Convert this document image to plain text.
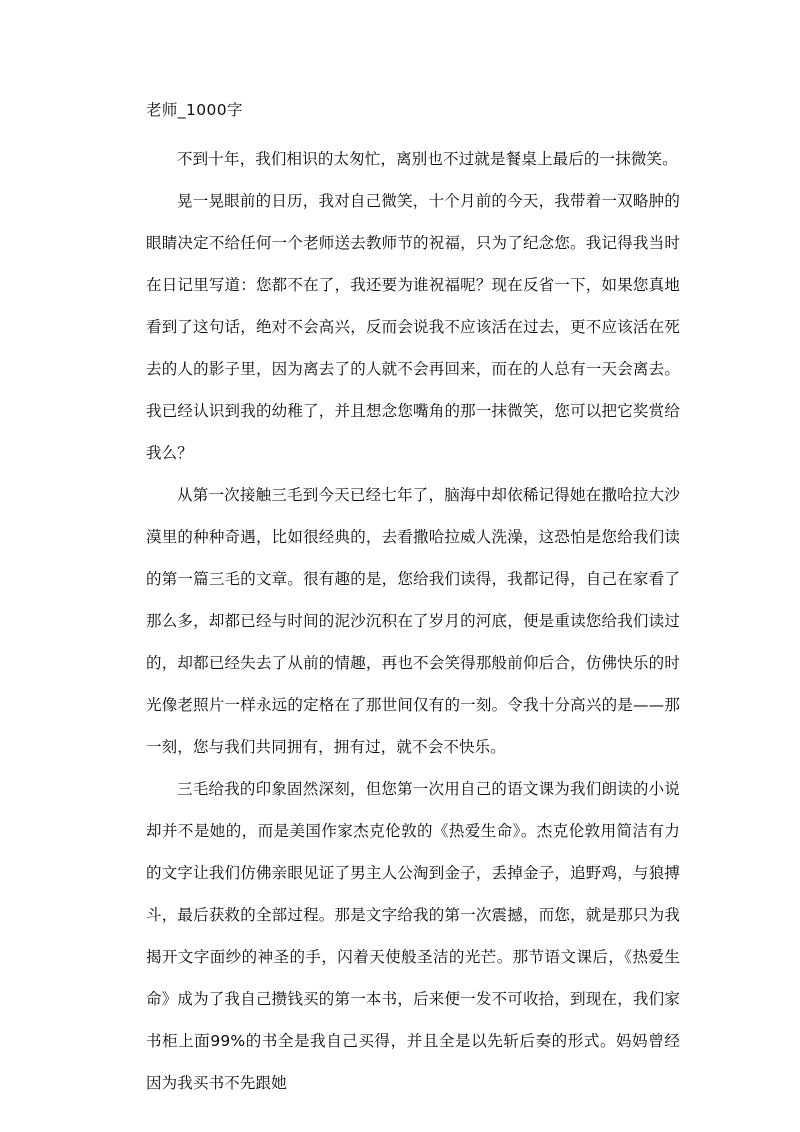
老师_1000字

不到十年，我们相识的太匆忙，离别也不过就是餐桌上最后的一抹微笑。

晃一晃眼前的日历，我对自己微笑，十个月前的今天，我带着一双略肿的眼睛决定不给任何一个老师送去教师节的祝福，只为了纪念您。我记得我当时在日记里写道：您都不在了，我还要为谁祝福呢？现在反省一下，如果您真地看到了这句话，绝对不会高兴，反而会说我不应该活在过去，更不应该活在死去的人的影子里，因为离去了的人就不会再回来，而在的人总有一天会离去。我已经认识到我的幼稚了，并且想念您嘴角的那一抹微笑，您可以把它奖赏给我么？

从第一次接触三毛到今天已经七年了，脑海中却依稀记得她在撒哈拉大沙漠里的种种奇遇，比如很经典的，去看撒哈拉威人洗澡，这恐怕是您给我们读的第一篇三毛的文章。很有趣的是，您给我们读得，我都记得，自己在家看了那么多，却都已经与时间的泥沙沉积在了岁月的河底，便是重读您给我们读过的，却都已经失去了从前的情趣，再也不会笑得那般前仰后合，仿佛快乐的时光像老照片一样永远的定格在了那世间仅有的一刻。令我十分高兴的是——那一刻，您与我们共同拥有，拥有过，就不会不快乐。

三毛给我的印象固然深刻，但您第一次用自己的语文课为我们朗读的小说却并不是她的，而是美国作家杰克伦敦的《热爱生命》。杰克伦敦用简洁有力的文字让我们仿佛亲眼见证了男主人公淘到金子，丢掉金子，追野鸡，与狼搏斗，最后获救的全部过程。那是文字给我的第一次震撼，而您，就是那只为我揭开文字面纱的神圣的手，闪着天使般圣洁的光芒。那节语文课后，《热爱生命》成为了我自己攒钱买的第一本书，后来便一发不可收拾，到现在，我们家书柜上面99%的书全是我自己买得，并且全是以先斩后奏的形式。妈妈曾经因为我买书不先跟她
